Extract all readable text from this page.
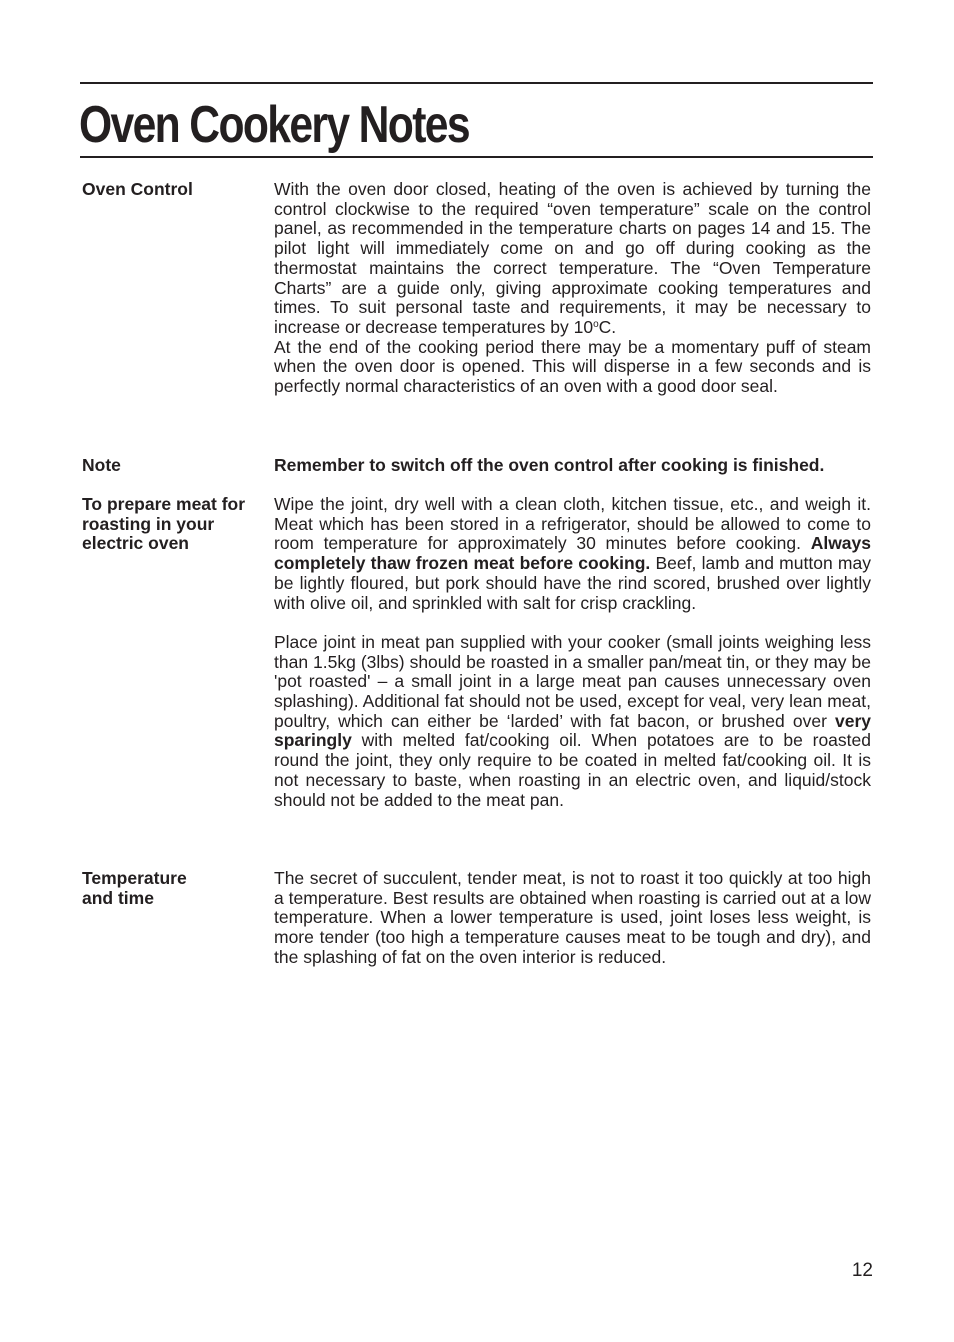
Oven Cookery Notes
Oven Control	With the oven door closed, heating of the oven is achieved by turning the control clockwise to the required “oven temperature” scale on the control panel, as recommended in the temperature charts on pages 14 and 15. The pilot light will immediately come on and go off during cooking as the thermostat maintains the correct temperature. The “Oven Temperature Charts” are a guide only, giving approximate cooking temperatures and times. To suit personal taste and requirements, it may be necessary to increase or decrease temperatures by 10$^o$C.

At the end of the cooking period there may be a momentary puff of steam when the oven door is opened. This will disperse in a few seconds and is perfectly normal characteristics of an oven with a good door seal.

Note	Remember to switch off the oven control after cooking is finished.
To prepare meat for roasting in your electric oven

Wipe the joint, dry well with a clean cloth, kitchen tissue, etc., and weigh it. Meat which has been stored in a refrigerator, should be allowed to come to room temperature for approximately 30 minutes before cooking. Always completely thaw frozen meat before cooking. Beef, lamb and mutton may be lightly floured, but pork should have the rind scored, brushed over lightly with olive oil, and sprinkled with salt for crisp crackling.

Place joint in meat pan supplied with your cooker (small joints weighing less than 1.5kg (3lbs) should be roasted in a smaller pan/meat tin, or they may be 'pot roasted' – a small joint in a large meat pan causes unnecessary oven splashing). Additional fat should not be used, except for veal, very lean meat, poultry, which can either be ‘larded’ with fat bacon, or brushed over very sparingly with melted fat/cooking oil. When potatoes are to be roasted round the joint, they only require to be coated in melted fat/cooking oil. It is not necessary to baste, when roasting in an electric oven, and liquid/stock should not be added to the meat pan.

Temperature
and time

The secret of succulent, tender meat, is not to roast it too quickly at too high a temperature. Best results are obtained when roasting is carried out at a low temperature. When a lower temperature is used, joint loses less weight, is more tender (too high a temperature causes meat to be tough and dry), and the splashing of fat on the oven interior is reduced.

12
